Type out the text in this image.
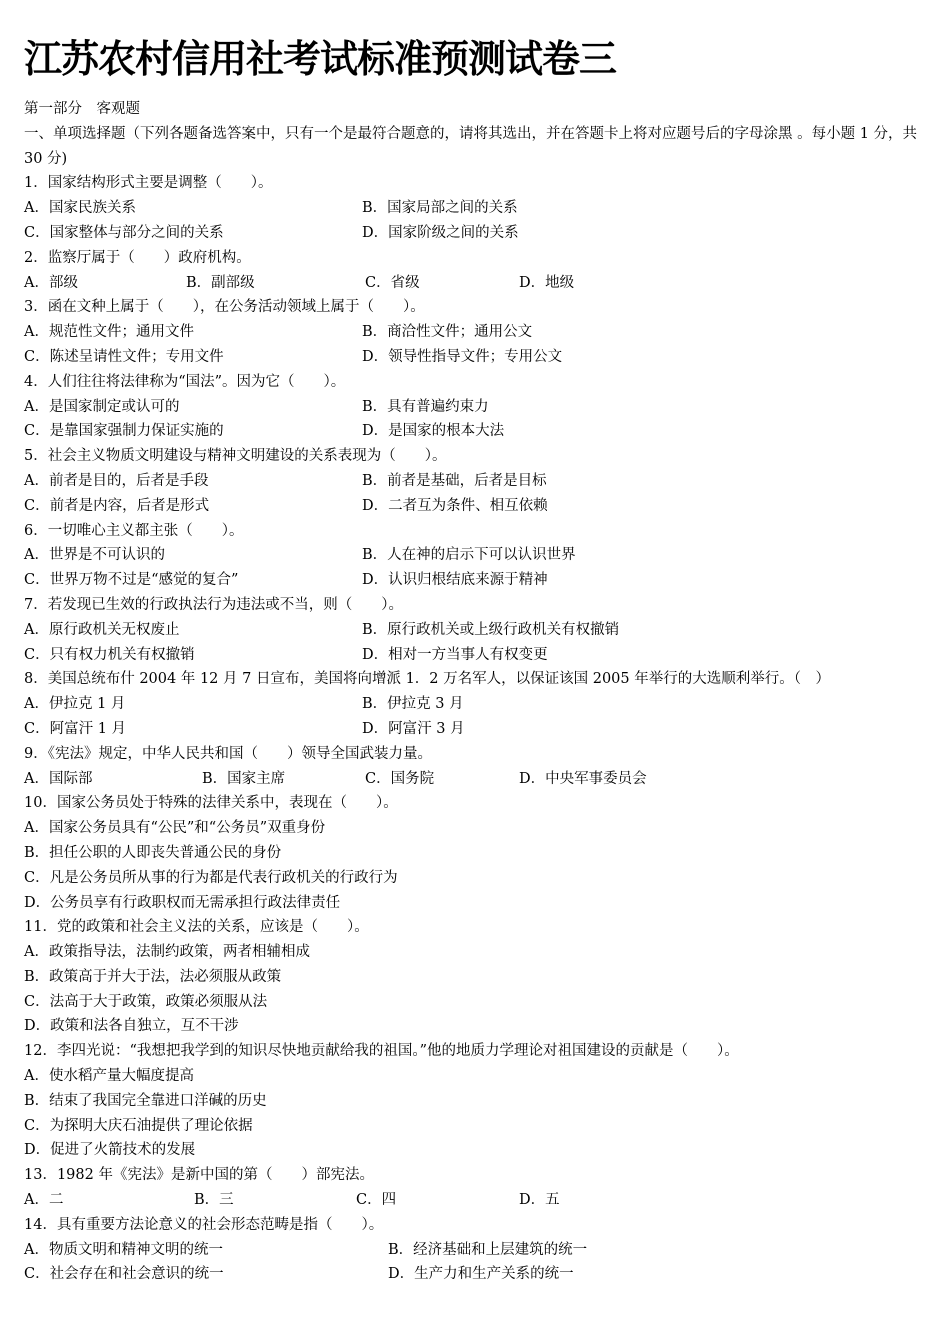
江苏农村信用社考试标准预测试卷三
第一部分　客观题
一、单项选择题（下列各题备选答案中，只有一个是最符合题意的，请将其选出，并在答题卡上将对应题号后的字母涂黑 。每小题 1 分，共 30 分)
1．国家结构形式主要是调整（　　）。
A．国家民族关系	B．国家局部之间的关系
C．国家整体与部分之间的关系	D．国家阶级之间的关系
2．监察厅属于（　　）政府机构。
A．部级	B．副部级	C．省级	D．地级
3．函在文种上属于（　　），在公务活动领域上属于（　　）。
A．规范性文件；通用文件	B．商洽性文件；通用公文
C．陈述呈请性文件；专用文件	D．领导性指导文件；专用公文
4．人们往往将法律称为“国法”。因为它（　　）。
A．是国家制定或认可的	B．具有普遍约束力
C．是靠国家强制力保证实施的	D．是国家的根本大法
5．社会主义物质文明建设与精神文明建设的关系表现为（　　）。
A．前者是目的，后者是手段	B．前者是基础，后者是目标
C．前者是内容，后者是形式	D．二者互为条件、相互依赖
6．一切唯心主义都主张（　　）。
A．世界是不可认识的	B．人在神的启示下可以认识世界
C．世界万物不过是“感觉的复合”	D．认识归根结底来源于精神
7．若发现已生效的行政执法行为违法或不当，则（　　）。
A．原行政机关无权废止	B．原行政机关或上级行政机关有权撤销
C．只有权力机关有权撤销	D．相对一方当事人有权变更
8．美国总统布什 2004 年 12 月 7 日宣布，美国将向增派 1．2 万名军人，以保证该国 2005 年举行的大选顺利举行。（　）
A．伊拉克 1 月	B．伊拉克 3 月
C．阿富汗 1 月	D．阿富汗 3 月
9．《宪法》规定，中华人民共和国（　　）领导全国武装力量。
A．国际部	B．国家主席	C．国务院	D．中央军事委员会
10．国家公务员处于特殊的法律关系中，表现在（　　）。
A．国家公务员具有“公民”和“公务员”双重身份
B．担任公职的人即丧失普通公民的身份
C．凡是公务员所从事的行为都是代表行政机关的行政行为
D．公务员享有行政职权而无需承担行政法律责任
11．党的政策和社会主义法的关系，应该是（　　）。
A．政策指导法，法制约政策，两者相辅相成
B．政策高于并大于法，法必须服从政策
C．法高于大于政策，政策必须服从法
D．政策和法各自独立，互不干涉
12．李四光说：“我想把我学到的知识尽快地贡献给我的祖国。”他的地质力学理论对祖国建设的贡献是（　　）。
A．使水稻产量大幅度提高
B．结束了我国完全靠进口洋碱的历史
C．为探明大庆石油提供了理论依据
D．促进了火箭技术的发展
13．1982 年《宪法》是新中国的第（　　）部宪法。
A．二	B．三	C．四	D．五
14．具有重要方法论意义的社会形态范畴是指（　　）。
A．物质文明和精神文明的统一	B．经济基础和上层建筑的统一
C．社会存在和社会意识的统一	D．生产力和生产关系的统一
